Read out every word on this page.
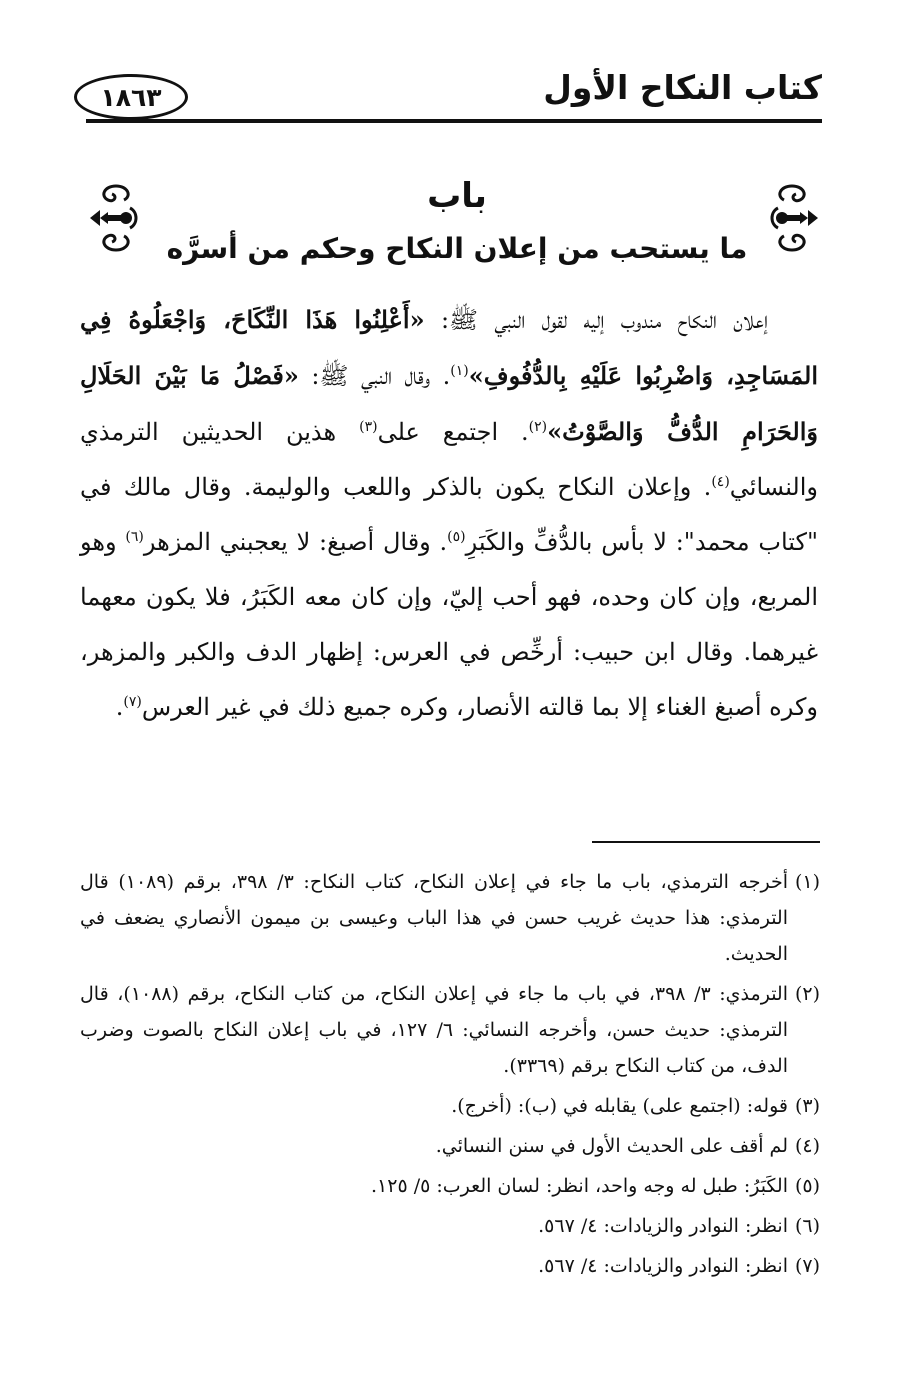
كتاب النكاح الأول
١٨٦٣
باب
ما يستحب من إعلان النكاح وحكم من أسرَّه

إعلان النكاح مندوب إليه لقول النبي ﷺ: «أَعْلِنُوا هَذَا النِّكَاحَ، وَاجْعَلُوهُ فِي المَسَاجِدِ، وَاضْرِبُوا عَلَيْهِ بِالدُّفُوفِ»$^{(١)}$. وقال النبي ﷺ: «فَصْلُ مَا بَيْنَ الحَلَالِ وَالحَرَامِ الدُّفُّ وَالصَّوْتُ»$^{(٢)}$. اجتمع على$^{(٣)}$ هذين الحديثين الترمذي والنسائي$^{(٤)}$. وإعلان النكاح يكون بالذكر واللعب والوليمة. وقال مالك في "كتاب محمد": لا بأس بالدُّفِّ والكَبَرِ$^{(٥)}$. وقال أصبغ: لا يعجبني المزهر$^{(٦)}$ وهو المربع، وإن كان وحده، فهو أحب إليّ، وإن كان معه الكَبَرُ، فلا يكون معهما غيرهما. وقال ابن حبيب: أرخِّص في العرس: إظهار الدف والكبر والمزهر، وكره أصبغ الغناء إلا بما قالته الأنصار، وكره جميع ذلك في غير العرس$^{(٧)}$.

(١)
أخرجه الترمذي، باب ما جاء في إعلان النكاح، كتاب النكاح: ٣/ ٣٩٨، برقم (١٠٨٩) قال الترمذي: هذا حديث غريب حسن في هذا الباب وعيسى بن ميمون الأنصاري يضعف في الحديث.
(٢)
الترمذي: ٣/ ٣٩٨، في باب ما جاء في إعلان النكاح، من كتاب النكاح، برقم (١٠٨٨)، قال الترمذي: حديث حسن، وأخرجه النسائي: ٦/ ١٢٧، في باب إعلان النكاح بالصوت وضرب الدف، من كتاب النكاح برقم (٣٣٦٩).
(٣)
قوله: (اجتمع على) يقابله في (ب): (أخرج).
(٤)
لم أقف على الحديث الأول في سنن النسائي.
(٥)
الكَبَرُ: طبل له وجه واحد، انظر: لسان العرب: ٥/ ١٢٥.
(٦)
انظر: النوادر والزيادات: ٤/ ٥٦٧.
(٧)
انظر: النوادر والزيادات: ٤/ ٥٦٧.
